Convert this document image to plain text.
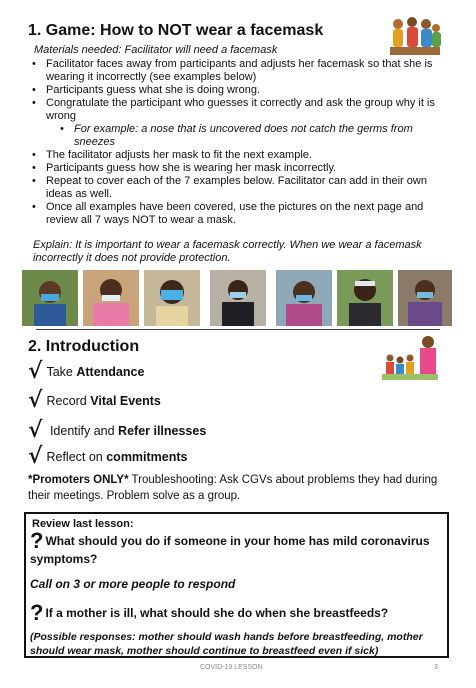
1. Game: How to NOT wear a facemask
Materials needed: Facilitator will need a facemask
• Facilitator faces away from participants and adjusts her facemask so that she is wearing it incorrectly (see examples below)
• Participants guess what she is doing wrong.
• Congratulate the participant who guesses it correctly and ask the group why it is wrong
• For example: a nose that is uncovered does not catch the germs from sneezes
• The facilitator adjusts her mask to fit the next example.
• Participants guess how she is wearing her mask incorrectly.
• Repeat to cover each of the 7 examples below. Facilitator can add in their own ideas as well.
• Once all examples have been covered, use the pictures on the next page and review all 7 ways NOT to wear a mask.
Explain: It is important to wear a facemask correctly. When we wear a facemask incorrectly it does not provide protection.
2. Introduction
√ Take Attendance
√ Record Vital Events
√ Identify and Refer illnesses
√ Reflect on commitments
*Promoters ONLY* Troubleshooting: Ask CGVs about problems they had during their meetings. Problem solve as a group.
Review last lesson:
? What should you do if someone in your home has mild coronavirus symptoms?
Call on 3 or more people to respond
? If a mother is ill, what should she do when she breastfeeds?
(Possible responses: mother should wash hands before breastfeeding, mother should wear mask, mother should continue to breastfeed even if sick)
COVID-19 LESSON	3
